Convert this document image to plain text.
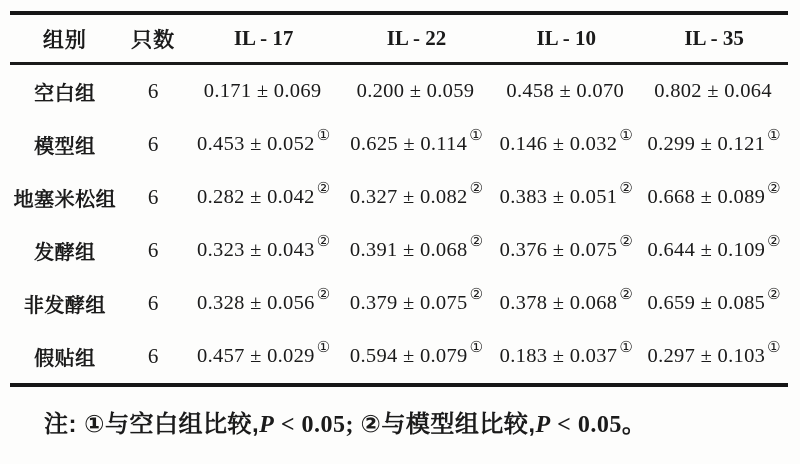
组别	只数	IL - 17	IL - 22	IL - 10	IL - 35
空白组	6	0.171 ± 0.069	0.200 ± 0.059	0.458 ± 0.070	0.802 ± 0.064
模型组	6	0.453 ± 0.052 ①	0.625 ± 0.114 ①	0.146 ± 0.032 ①	0.299 ± 0.121 ①
地塞米松组	6	0.282 ± 0.042 ②	0.327 ± 0.082 ②	0.383 ± 0.051 ②	0.668 ± 0.089 ②
发酵组	6	0.323 ± 0.043 ②	0.391 ± 0.068 ②	0.376 ± 0.075 ②	0.644 ± 0.109 ②
非发酵组	6	0.328 ± 0.056 ②	0.379 ± 0.075 ②	0.378 ± 0.068 ②	0.659 ± 0.085 ②
假贴组	6	0.457 ± 0.029 ①	0.594 ± 0.079 ①	0.183 ± 0.037 ①	0.297 ± 0.103 ①
注: ①与空白组比较,P < 0.05; ②与模型组比较,P < 0.05。
